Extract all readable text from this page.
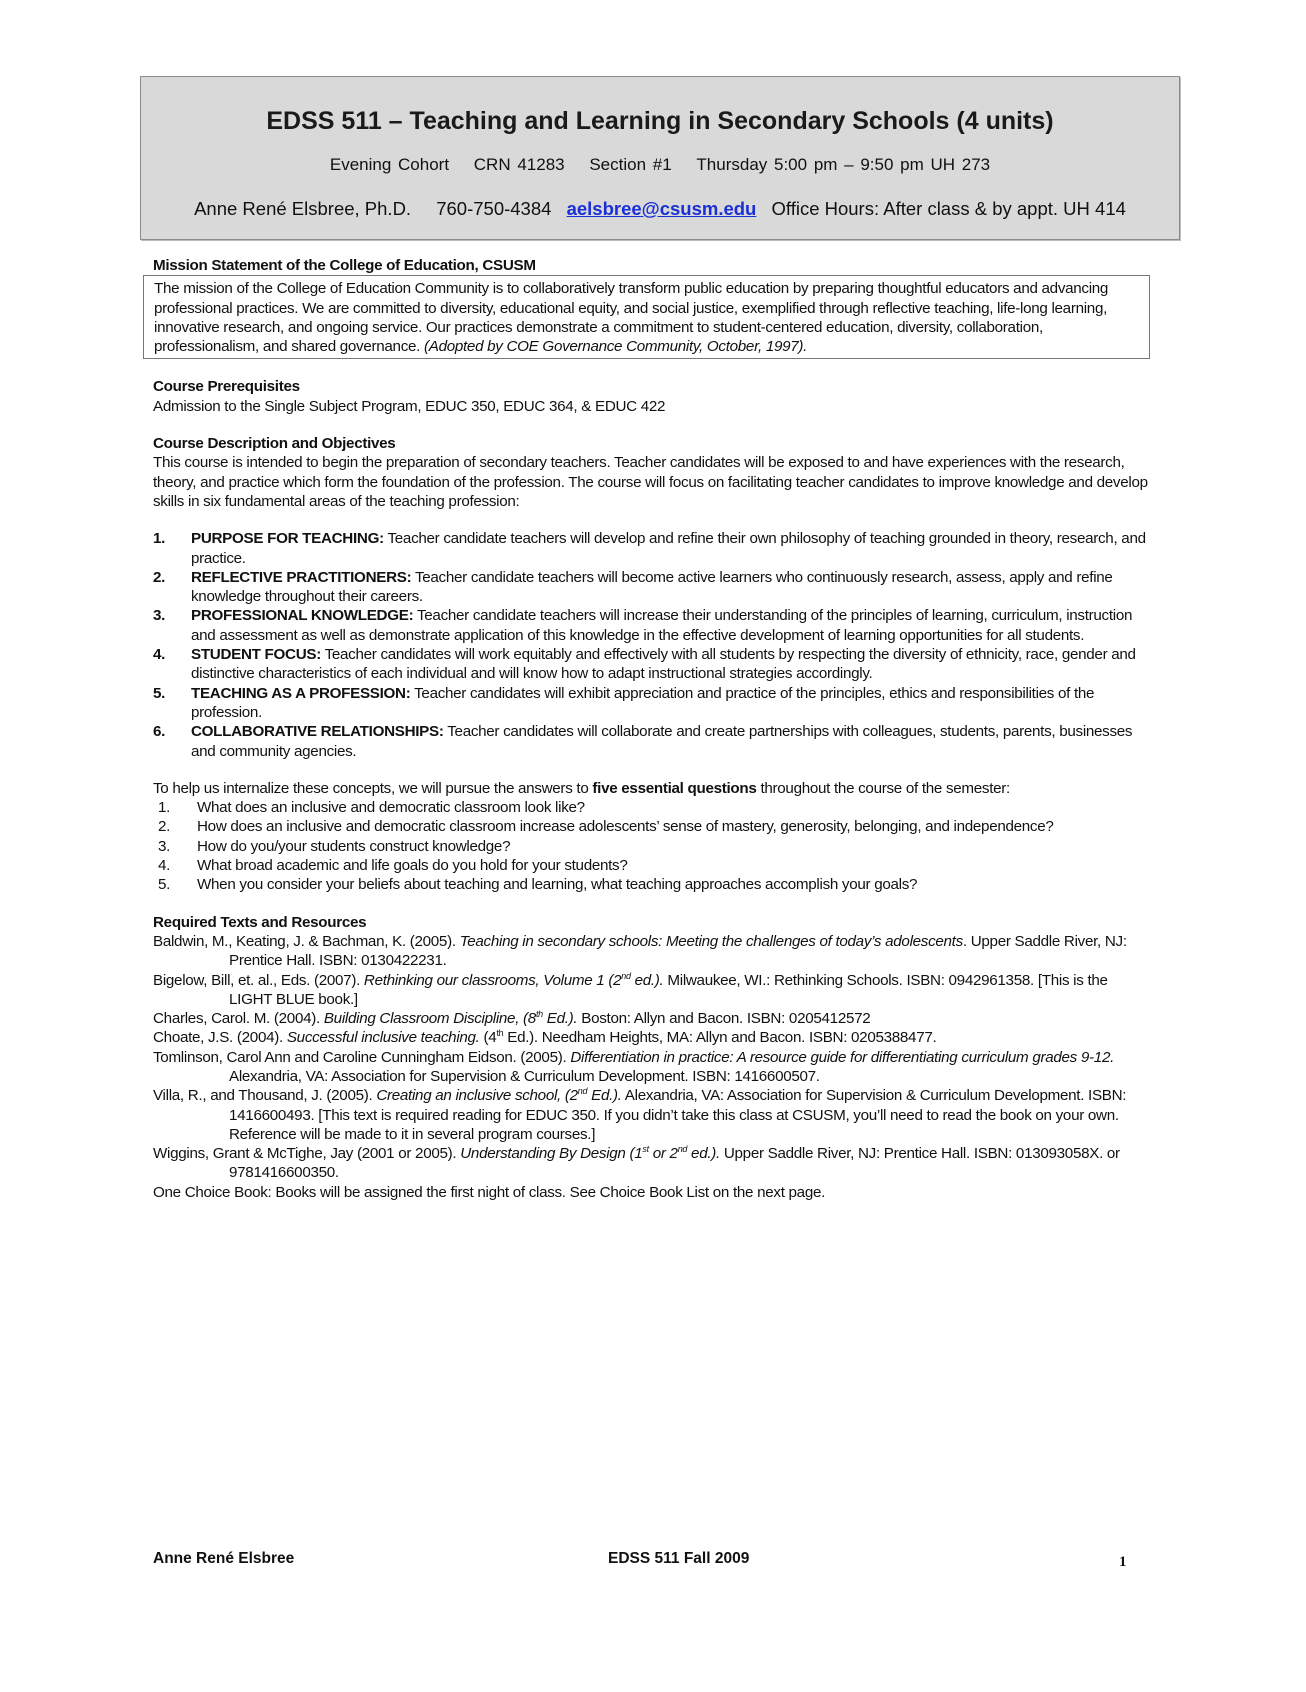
EDSS 511 – Teaching and Learning in Secondary Schools (4 units)
Evening Cohort CRN 41283 Section #1 Thursday 5:00 pm – 9:50 pm UH 273
Anne René Elsbree, Ph.D. 760-750-4384 aelsbree@csusm.edu Office Hours: After class & by appt. UH 414
Mission Statement of the College of Education, CSUSM
The mission of the College of Education Community is to collaboratively transform public education by preparing thoughtful educators and advancing professional practices. We are committed to diversity, educational equity, and social justice, exemplified through reflective teaching, life-long learning, innovative research, and ongoing service. Our practices demonstrate a commitment to student-centered education, diversity, collaboration, professionalism, and shared governance. (Adopted by COE Governance Community, October, 1997).
Course Prerequisites
Admission to the Single Subject Program, EDUC 350, EDUC 364, & EDUC 422
Course Description and Objectives
This course is intended to begin the preparation of secondary teachers. Teacher candidates will be exposed to and have experiences with the research, theory, and practice which form the foundation of the profession. The course will focus on facilitating teacher candidates to improve knowledge and develop skills in six fundamental areas of the teaching profession:
1. PURPOSE FOR TEACHING: Teacher candidate teachers will develop and refine their own philosophy of teaching grounded in theory, research, and practice.
2. REFLECTIVE PRACTITIONERS: Teacher candidate teachers will become active learners who continuously research, assess, apply and refine knowledge throughout their careers.
3. PROFESSIONAL KNOWLEDGE: Teacher candidate teachers will increase their understanding of the principles of learning, curriculum, instruction and assessment as well as demonstrate application of this knowledge in the effective development of learning opportunities for all students.
4. STUDENT FOCUS: Teacher candidates will work equitably and effectively with all students by respecting the diversity of ethnicity, race, gender and distinctive characteristics of each individual and will know how to adapt instructional strategies accordingly.
5. TEACHING AS A PROFESSION: Teacher candidates will exhibit appreciation and practice of the principles, ethics and responsibilities of the profession.
6. COLLABORATIVE RELATIONSHIPS: Teacher candidates will collaborate and create partnerships with colleagues, students, parents, businesses and community agencies.
To help us internalize these concepts, we will pursue the answers to five essential questions throughout the course of the semester:
1. What does an inclusive and democratic classroom look like?
2. How does an inclusive and democratic classroom increase adolescents’ sense of mastery, generosity, belonging, and independence?
3. How do you/your students construct knowledge?
4. What broad academic and life goals do you hold for your students?
5. When you consider your beliefs about teaching and learning, what teaching approaches accomplish your goals?
Required Texts and Resources
Baldwin, M., Keating, J. & Bachman, K. (2005). Teaching in secondary schools: Meeting the challenges of today’s adolescents. Upper Saddle River, NJ: Prentice Hall. ISBN: 0130422231.
Bigelow, Bill, et. al., Eds. (2007). Rethinking our classrooms, Volume 1 (2nd ed.). Milwaukee, WI.: Rethinking Schools. ISBN: 0942961358. [This is the LIGHT BLUE book.]
Charles, Carol. M. (2004). Building Classroom Discipline, (8th Ed.). Boston: Allyn and Bacon. ISBN: 0205412572
Choate, J.S. (2004). Successful inclusive teaching. (4th Ed.). Needham Heights, MA: Allyn and Bacon. ISBN: 0205388477.
Tomlinson, Carol Ann and Caroline Cunningham Eidson. (2005). Differentiation in practice: A resource guide for differentiating curriculum grades 9-12. Alexandria, VA: Association for Supervision & Curriculum Development. ISBN: 1416600507.
Villa, R., and Thousand, J. (2005). Creating an inclusive school, (2nd Ed.). Alexandria, VA: Association for Supervision & Curriculum Development. ISBN: 1416600493. [This text is required reading for EDUC 350. If you didn’t take this class at CSUSM, you’ll need to read the book on your own. Reference will be made to it in several program courses.]
Wiggins, Grant & McTighe, Jay (2001 or 2005). Understanding By Design (1st or 2nd ed.). Upper Saddle River, NJ: Prentice Hall. ISBN: 013093058X. or 9781416600350.
One Choice Book: Books will be assigned the first night of class. See Choice Book List on the next page.
Anne René Elsbree	EDSS 511 Fall 2009	1
